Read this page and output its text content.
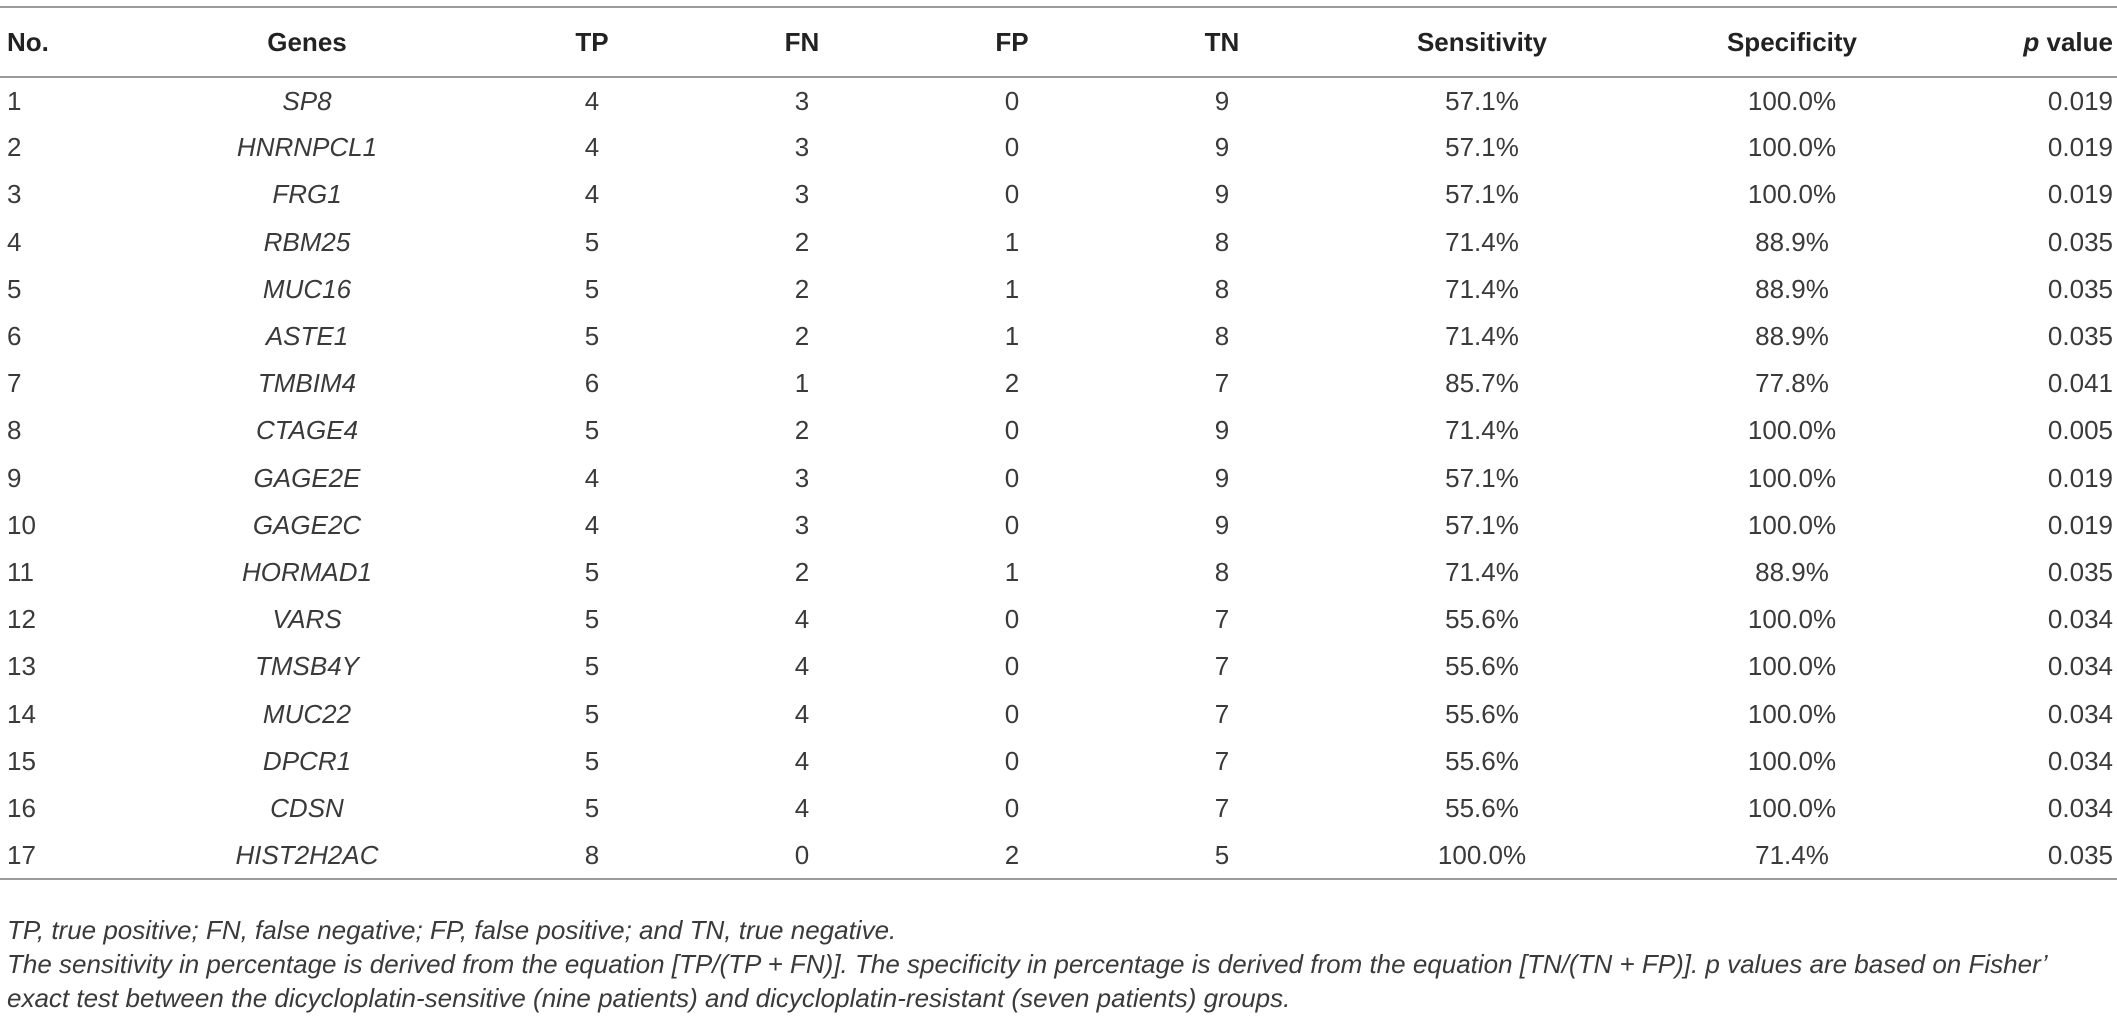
No.	Genes	TP	FN	FP	TN	Sensitivity	Specificity	p value
1	SP8	4	3	0	9	57.1%	100.0%	0.019
2	HNRNPCL1	4	3	0	9	57.1%	100.0%	0.019
3	FRG1	4	3	0	9	57.1%	100.0%	0.019
4	RBM25	5	2	1	8	71.4%	88.9%	0.035
5	MUC16	5	2	1	8	71.4%	88.9%	0.035
6	ASTE1	5	2	1	8	71.4%	88.9%	0.035
7	TMBIM4	6	1	2	7	85.7%	77.8%	0.041
8	CTAGE4	5	2	0	9	71.4%	100.0%	0.005
9	GAGE2E	4	3	0	9	57.1%	100.0%	0.019
10	GAGE2C	4	3	0	9	57.1%	100.0%	0.019
11	HORMAD1	5	2	1	8	71.4%	88.9%	0.035
12	VARS	5	4	0	7	55.6%	100.0%	0.034
13	TMSB4Y	5	4	0	7	55.6%	100.0%	0.034
14	MUC22	5	4	0	7	55.6%	100.0%	0.034
15	DPCR1	5	4	0	7	55.6%	100.0%	0.034
16	CDSN	5	4	0	7	55.6%	100.0%	0.034
17	HIST2H2AC	8	0	2	5	100.0%	71.4%	0.035

TP, true positive; FN, false negative; FP, false positive; and TN, true negative.

The sensitivity in percentage is derived from the equation [TP/(TP + FN)]. The specificity in percentage is derived from the equation [TN/(TN + FP)]. p values are based on Fisher’ exact test between the dicycloplatin-sensitive (nine patients) and dicycloplatin-resistant (seven patients) groups.
